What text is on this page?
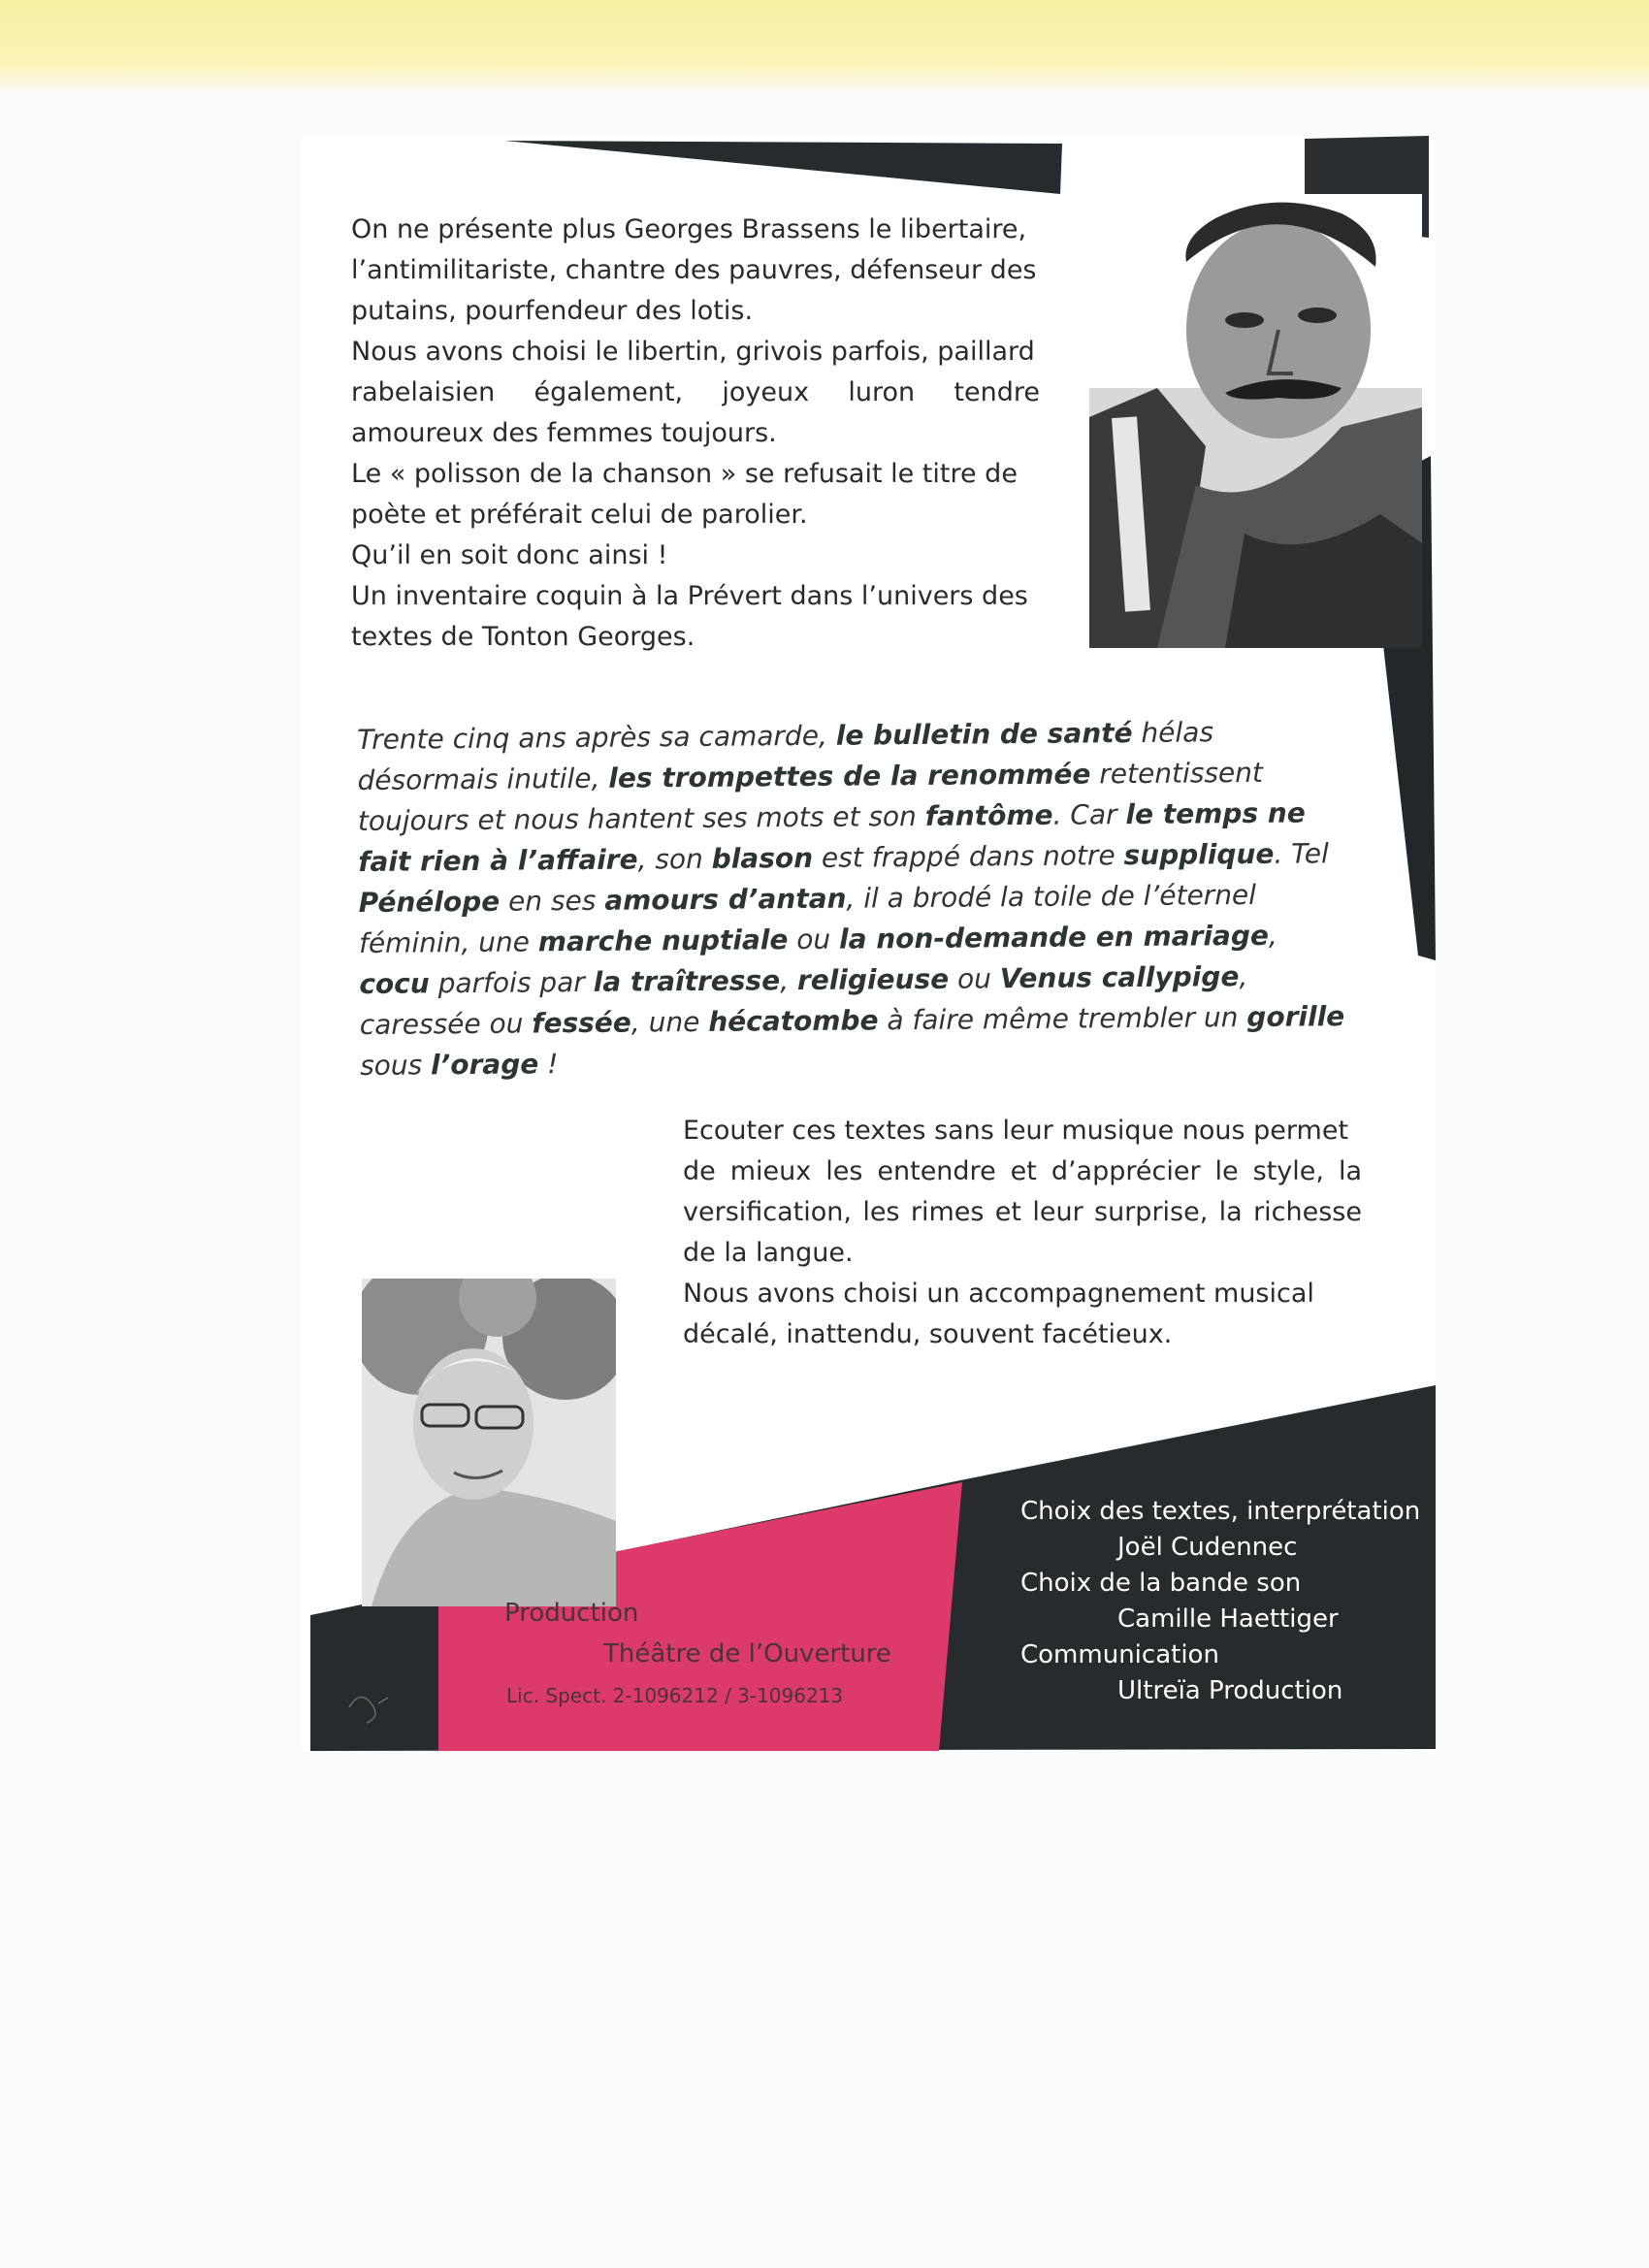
On ne présente plus Georges Brassens le libertaire,
l’antimilitariste, chantre des pauvres, défenseur des
putains, pourfendeur des lotis.
Nous avons choisi le libertin, grivois parfois, paillard
rabelaisien également, joyeux luron tendre
amoureux des femmes toujours.
Le « polisson de la chanson » se refusait le titre de
poète et préférait celui de parolier.
Qu’il en soit donc ainsi !
Un inventaire coquin à la Prévert dans l’univers des
textes de Tonton Georges.
Trente cinq ans après sa camarde, le bulletin de santé hélas désormais inutile, les trompettes de la renommée retentissent toujours et nous hantent ses mots et son fantôme. Car le temps ne fait rien à l’affaire, son blason est frappé dans notre supplique. Tel Pénélope en ses amours d’antan, il a brodé la toile de l’éternel féminin, une marche nuptiale ou la non-demande en mariage, cocu parfois par la traîtresse, religieuse ou Venus callypige, caressée ou fessée, une hécatombe à faire même trembler un gorille sous l’orage !
Ecouter ces textes sans leur musique nous permet
de mieux les entendre et d’apprécier le style, la
versification, les rimes et leur surprise, la richesse
de la langue.
Nous avons choisi un accompagnement musical
décalé, inattendu, souvent facétieux.
Production
Théâtre de l’Ouverture
Lic. Spect. 2-1096212 / 3-1096213
Choix des textes, interprétation
Joël Cudennec
Choix de la bande son
Camille Haettiger
Communication
Ultreïa Production
